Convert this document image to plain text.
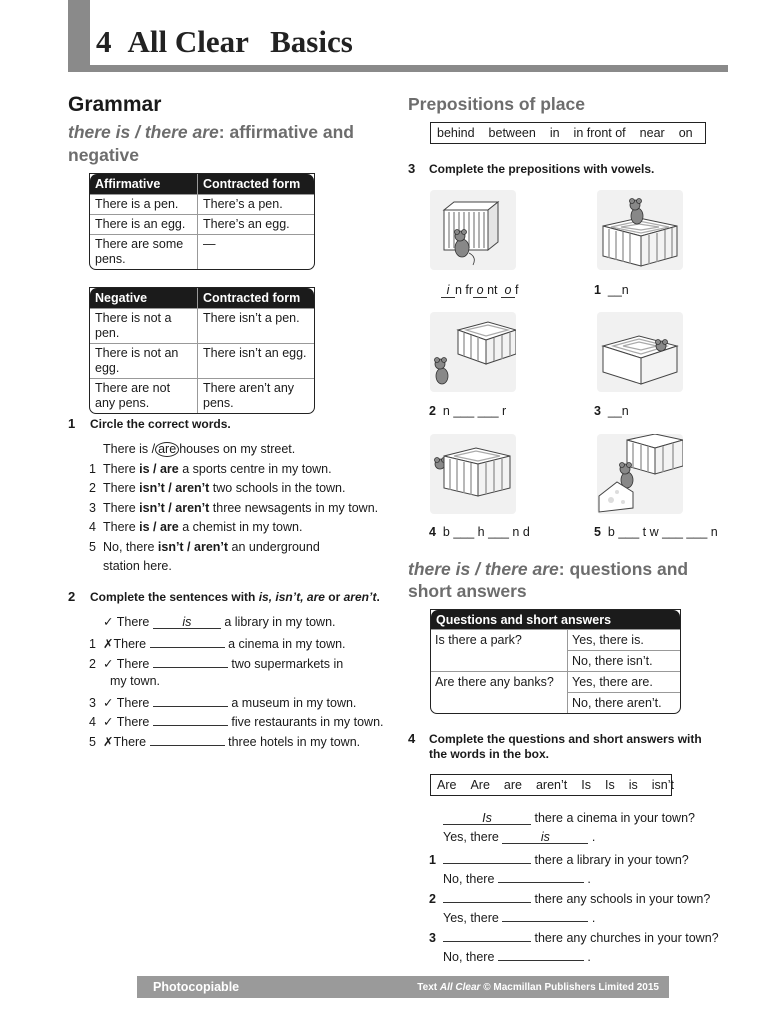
4 All Clear Basics
Grammar
there is / there are: affirmative and negative
Affirmative	Contracted form
There is a pen.	There’s a pen.
There is an egg.	There’s an egg.
There are some pens.	—
Negative	Contracted form
There is not a pen.	There isn’t a pen.
There is not an egg.	There isn’t an egg.
There are not any pens.	There aren’t any pens.
1 Circle the correct words.
There is / are houses on my street.
1 There is / are a sports centre in my town.
2 There isn’t / aren’t two schools in the town.
3 There isn’t / aren’t three newsagents in my town.
4 There is / are a chemist in my town.
5 No, there isn’t / aren’t an underground
station here.
2 Complete the sentences with is, isn’t, are or aren’t.
✓ There	is	a library in my town.
1 ✗There	a cinema in my town.
2 ✓ There	two supermarkets in
my town.
3 ✓ There	a museum in my town.
4 ✓ There	five restaurants in my town.
5 ✗There	three hotels in my town.
Prepositions of place
behind between in in front of near on
3 Complete the prepositions with vowels.
i n fr o nt o f	1 __n
2 n ___ ___ r	3 __n
4 b ___ h ___ n d	5 b ___ t w ___ ___ n
there is / there are: questions and short answers
Questions and short answers	
Is there a park?	Yes, there is.
	No, there isn’t.
Are there any banks?	Yes, there are.
	No, there aren’t.
4 Complete the questions and short answers with the words in the box.
Are Are are aren’t Is Is is isn’t
Is	there a cinema in your town?
Yes, there	is	.
1	there a library in your town?
No, there	.
2	there any schools in your town?
Yes, there	.
3	there any churches in your town?
No, there	.
Photocopiable	Text All Clear © Macmillan Publishers Limited 2015
